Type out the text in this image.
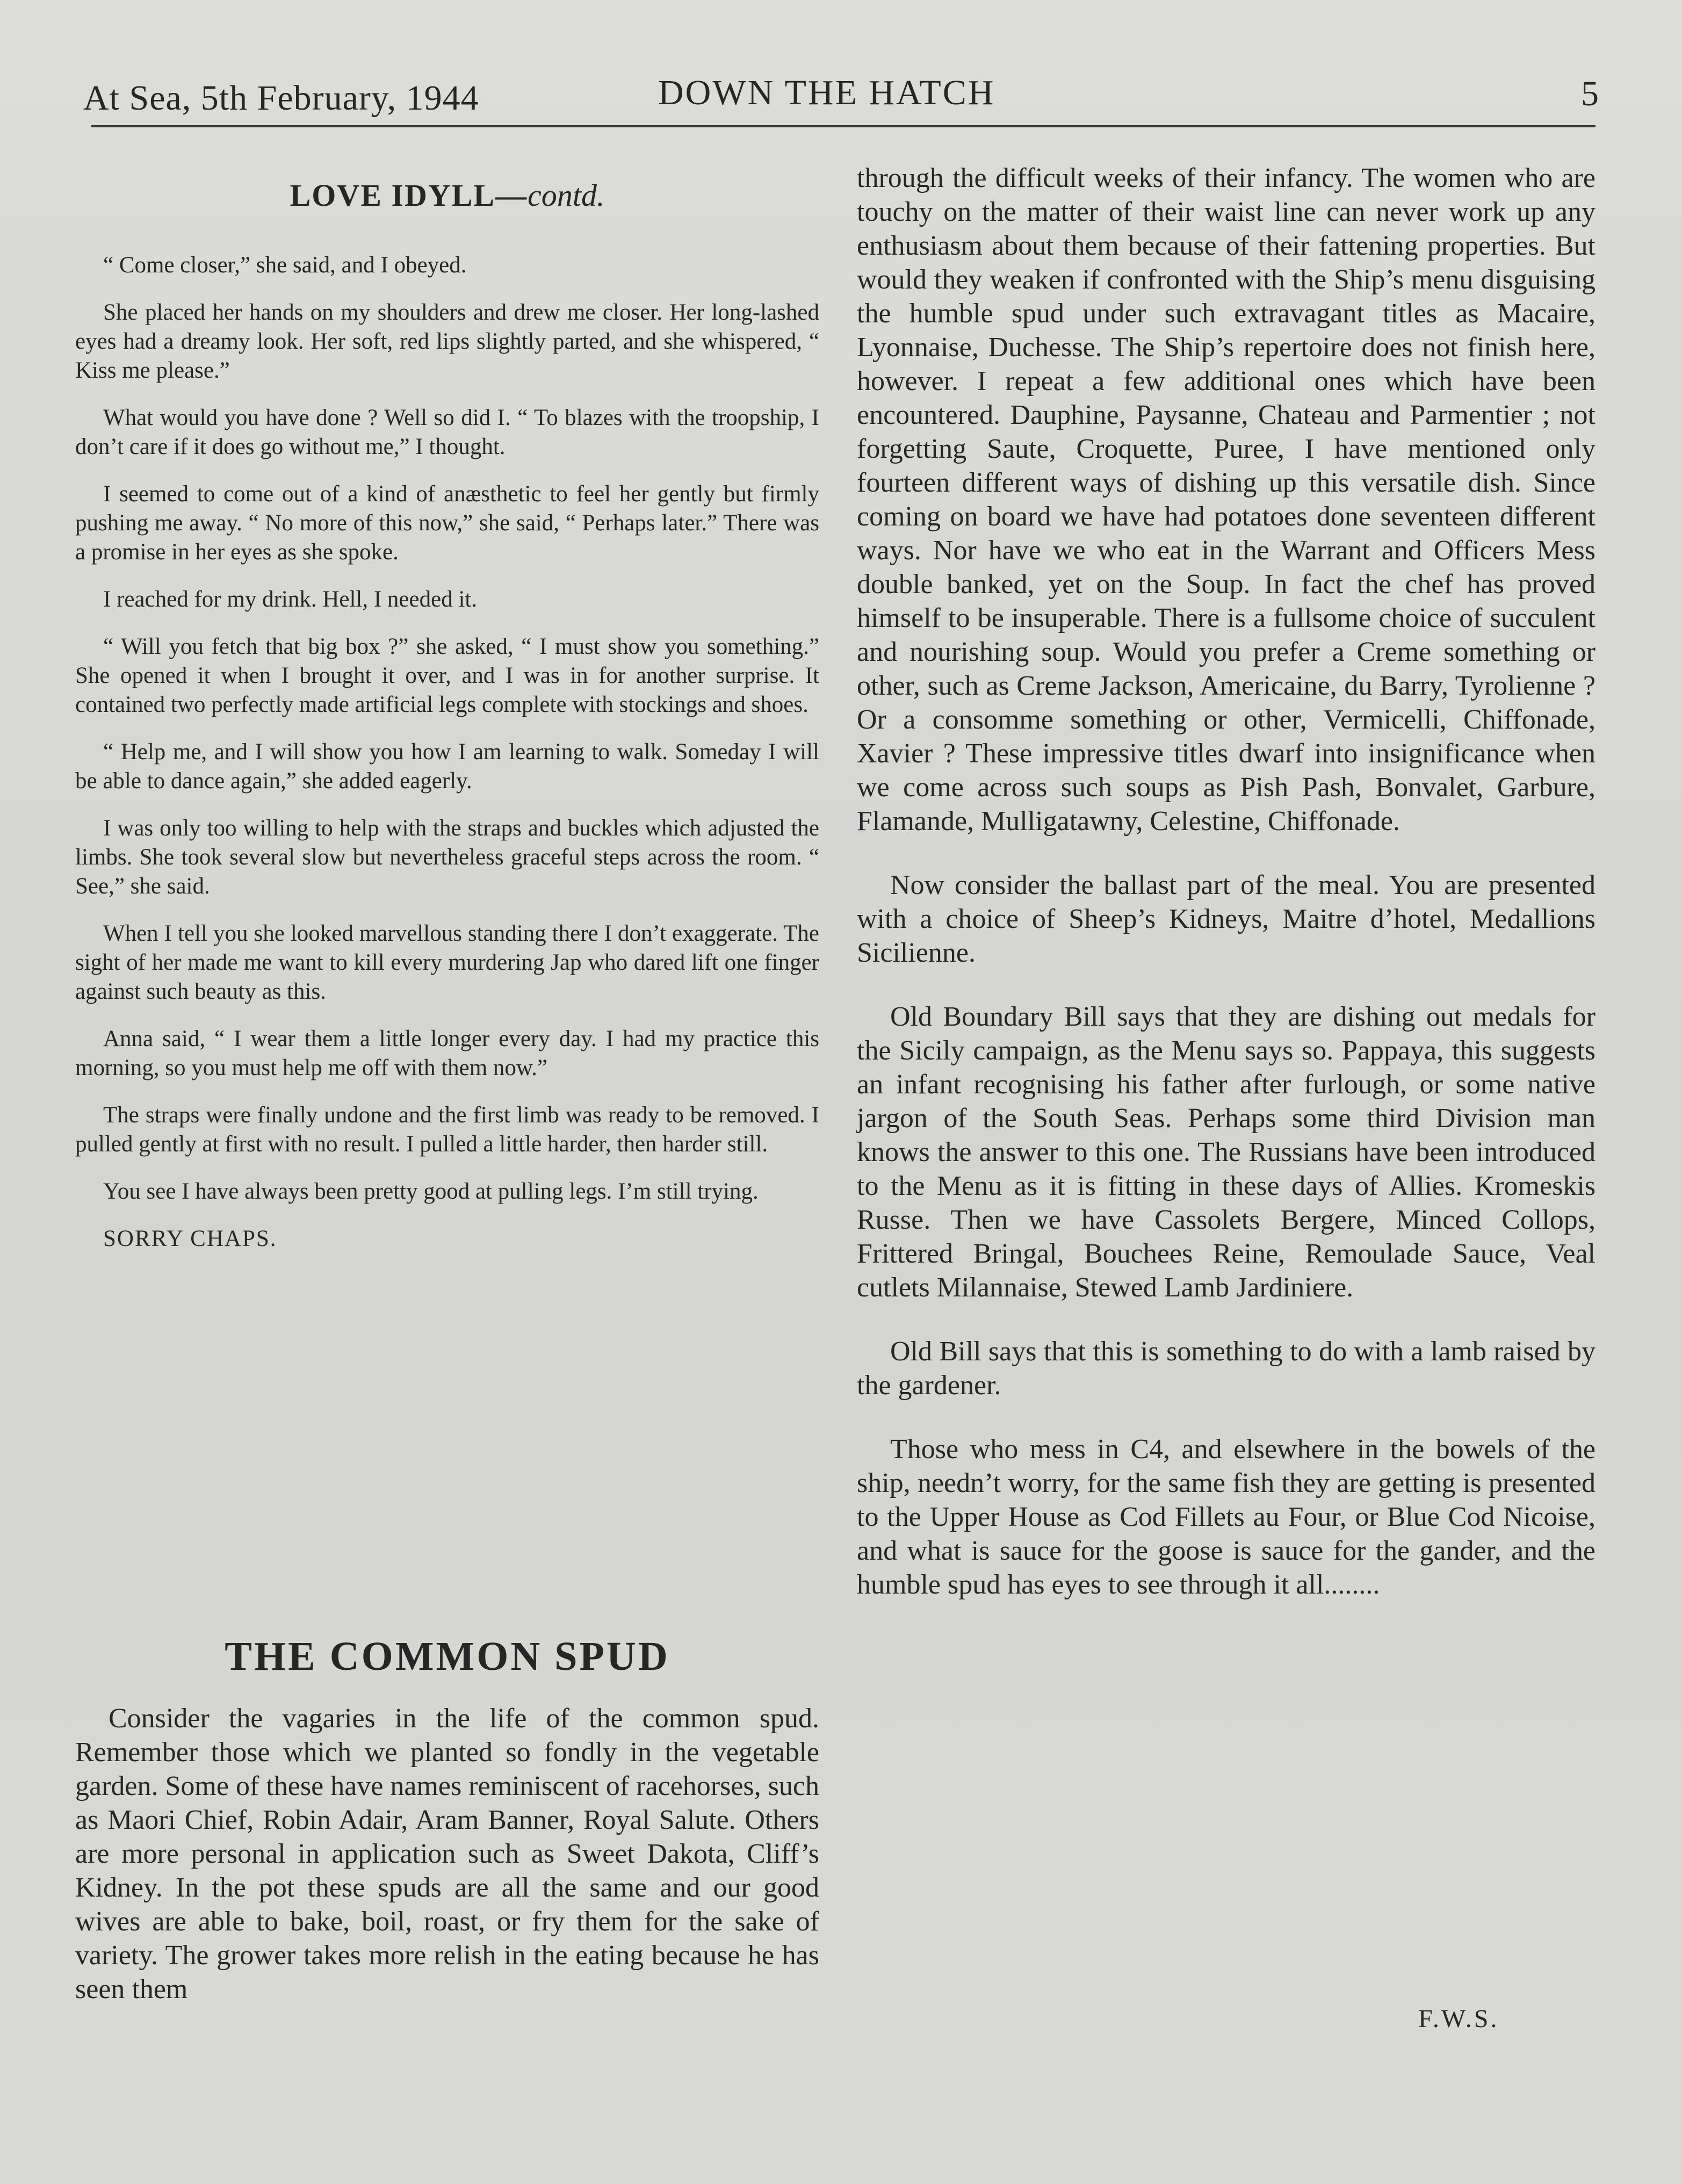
At Sea, 5th February, 1944	DOWN THE HATCH	5
LOVE IDYLL—contd.

“ Come closer,” she said, and I obeyed.

She placed her hands on my shoulders and drew me closer. Her long-lashed eyes had a dreamy look. Her soft, red lips slightly parted, and she whispered, “ Kiss me please.”

What would you have done ? Well so did I. “ To blazes with the troopship, I don’t care if it does go without me,” I thought.

I seemed to come out of a kind of anæsthetic to feel her gently but firmly pushing me away. “ No more of this now,” she said, “ Perhaps later.” There was a promise in her eyes as she spoke.

I reached for my drink. Hell, I needed it.

“ Will you fetch that big box ?” she asked, “ I must show you something.” She opened it when I brought it over, and I was in for another surprise. It contained two perfectly made artificial legs complete with stockings and shoes.

“ Help me, and I will show you how I am learning to walk. Someday I will be able to dance again,” she added eagerly.

I was only too willing to help with the straps and buckles which adjusted the limbs. She took several slow but nevertheless graceful steps across the room. “ See,” she said.

When I tell you she looked marvellous standing there I don’t exaggerate. The sight of her made me want to kill every murdering Jap who dared lift one finger against such beauty as this.

Anna said, “ I wear them a little longer every day. I had my practice this morning, so you must help me off with them now.”

The straps were finally undone and the first limb was ready to be removed. I pulled gently at first with no result. I pulled a little harder, then harder still.

You see I have always been pretty good at pulling legs. I’m still trying.

SORRY CHAPS.

THE COMMON SPUD

Consider the vagaries in the life of the common spud. Remember those which we planted so fondly in the vegetable garden. Some of these have names reminiscent of racehorses, such as Maori Chief, Robin Adair, Aram Banner, Royal Salute. Others are more personal in application such as Sweet Dakota, Cliff’s Kidney. In the pot these spuds are all the same and our good wives are able to bake, boil, roast, or fry them for the sake of variety. The grower takes more relish in the eating because he has seen them

through the difficult weeks of their infancy. The women who are touchy on the matter of their waist line can never work up any enthusiasm about them because of their fattening properties. But would they weaken if confronted with the Ship’s menu disguising the humble spud under such extravagant titles as Macaire, Lyonnaise, Duchesse. The Ship’s repertoire does not finish here, however. I repeat a few additional ones which have been encountered. Dauphine, Paysanne, Chateau and Parmentier ; not forgetting Saute, Croquette, Puree, I have mentioned only fourteen different ways of dishing up this versatile dish. Since coming on board we have had potatoes done seventeen different ways. Nor have we who eat in the Warrant and Officers Mess double banked, yet on the Soup. In fact the chef has proved himself to be insuperable. There is a fullsome choice of succulent and nourishing soup. Would you prefer a Creme something or other, such as Creme Jackson, Americaine, du Barry, Tyrolienne ? Or a consomme something or other, Vermicelli, Chiffonade, Xavier ? These impressive titles dwarf into insignificance when we come across such soups as Pish Pash, Bonvalet, Garbure, Flamande, Mulligatawny, Celestine, Chiffonade.

Now consider the ballast part of the meal. You are presented with a choice of Sheep’s Kidneys, Maitre d’hotel, Medallions Sicilienne.

Old Boundary Bill says that they are dishing out medals for the Sicily campaign, as the Menu says so. Pappaya, this suggests an infant recognising his father after furlough, or some native jargon of the South Seas. Perhaps some third Division man knows the answer to this one. The Russians have been introduced to the Menu as it is fitting in these days of Allies. Kromeskis Russe. Then we have Cassolets Bergere, Minced Collops, Frittered Bringal, Bouchees Reine, Remoulade Sauce, Veal cutlets Milannaise, Stewed Lamb Jardiniere.

Old Bill says that this is something to do with a lamb raised by the gardener.

Those who mess in C4, and elsewhere in the bowels of the ship, needn’t worry, for the same fish they are getting is presented to the Upper House as Cod Fillets au Four, or Blue Cod Nicoise, and what is sauce for the goose is sauce for the gander, and the humble spud has eyes to see through it all........

F.W.S.
